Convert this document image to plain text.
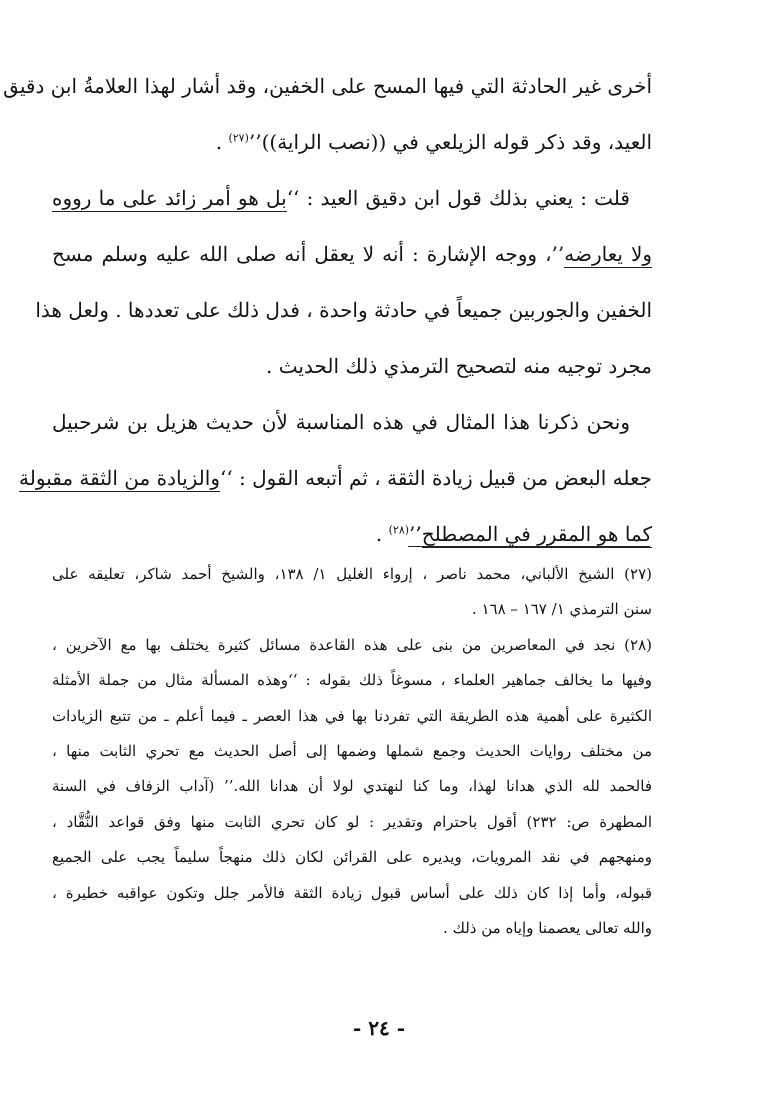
أخرى غير الحادثة التي فيها المسح على الخفين، وقد أشار لهذا العلامةُ ابن دقيق
العيد، وقد ذكر قوله الزيلعي في ((نصب الراية))’’$^{(٢٧)}$ .
قلت : يعني بذلك قول ابن دقيق العيد : ‘‘بل هو أمر زائد على ما رووه
ولا يعارضه’’، ووجه الإشارة : أنه لا يعقل أنه صلى الله عليه وسلم مسح
الخفين والجوربين جميعاً في حادثة واحدة ، فدل ذلك على تعددها . ولعل هذا
مجرد توجيه منه لتصحيح الترمذي ذلك الحديث .
ونحن ذكرنا هذا المثال في هذه المناسبة لأن حديث هزيل بن شرحبيل
جعله البعض من قبيل زيادة الثقة ، ثم أتبعه القول : ‘‘والزيادة من الثقة مقبولة
كما هو المقرر في المصطلح’’$^{(٢٨)}$ .
(٢٧) الشيخ الألباني، محمد ناصر ، إرواء الغليل ١/ ١٣٨، والشيخ أحمد شاكر، تعليقه على
سنن الترمذي ١/ ١٦٧ – ١٦٨ .
(٢٨) نجد في المعاصرين من بنى على هذه القاعدة مسائل كثيرة يختلف بها مع الآخرين ،
وفيها ما يخالف جماهير العلماء ، مسوغاً ذلك بقوله : ‘‘وهذه المسألة مثال من جملة الأمثلة
الكثيرة على أهمية هذه الطريقة التي تفردنا بها في هذا العصر ـ فيما أعلم ـ من تتبع الزيادات
من مختلف روايات الحديث وجمع شملها وضمها إلى أصل الحديث مع تحري الثابت منها ،
فالحمد لله الذي هدانا لهذا، وما كنا لنهتدي لولا أن هدانا الله.’’ (آداب الزفاف في السنة
المطهرة ص: ٢٣٢) أقول باحترام وتقدير : لو كان تحري الثابت منها وفق قواعد النُّقَّاد ،
ومنهجهم في نقد المرويات، ويديره على القرائن لكان ذلك منهجاً سليماً يجب على الجميع
قبوله، وأما إذا كان ذلك على أساس قبول زيادة الثقة فالأمر جلل وتكون عواقبه خطيرة ،
والله تعالى يعصمنا وإياه من ذلك .
- ٢٤ -
